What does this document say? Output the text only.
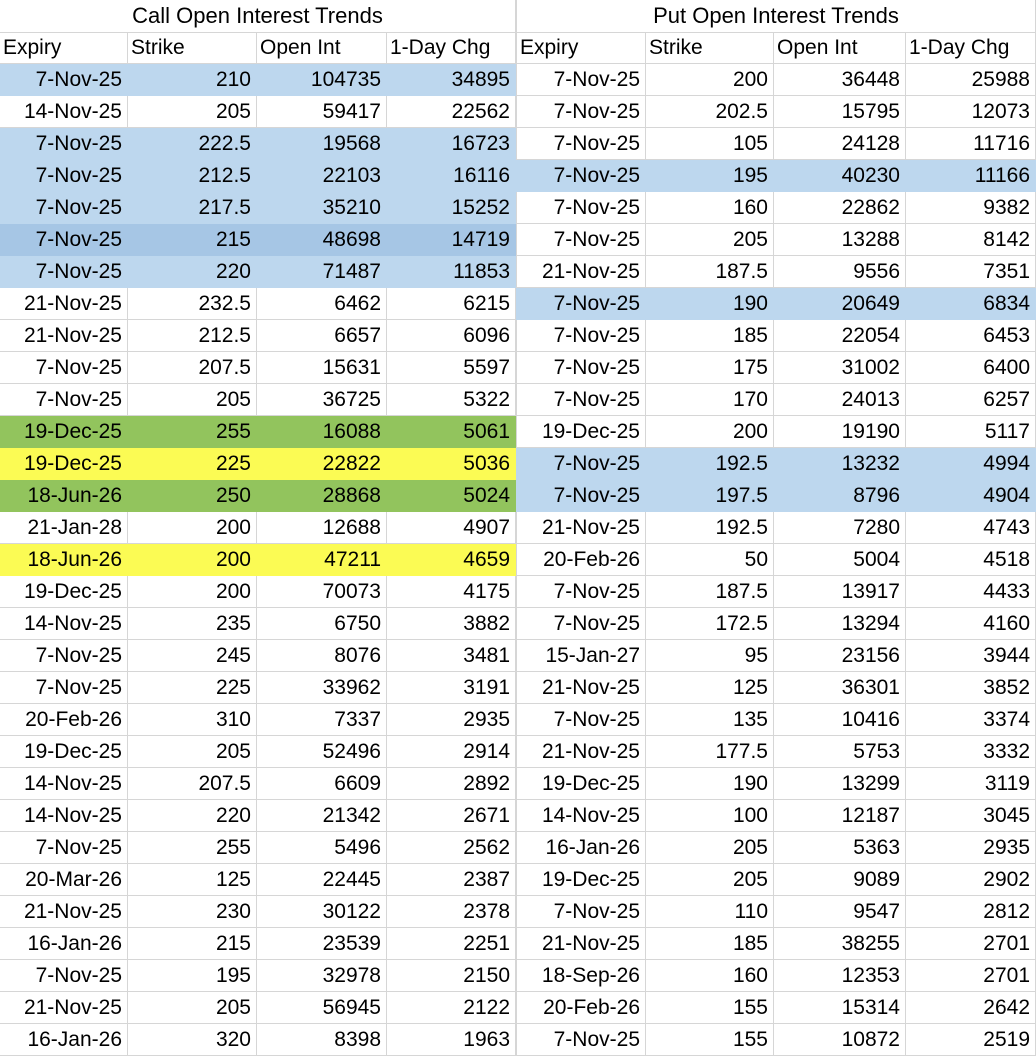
Call Open Interest Trends			
Expiry	Strike	Open Int	1-Day Chg
7-Nov-25	210	104735	34895
14-Nov-25	205	59417	22562
7-Nov-25	222.5	19568	16723
7-Nov-25	212.5	22103	16116
7-Nov-25	217.5	35210	15252
7-Nov-25	215	48698	14719
7-Nov-25	220	71487	11853
21-Nov-25	232.5	6462	6215
21-Nov-25	212.5	6657	6096
7-Nov-25	207.5	15631	5597
7-Nov-25	205	36725	5322
19-Dec-25	255	16088	5061
19-Dec-25	225	22822	5036
18-Jun-26	250	28868	5024
21-Jan-28	200	12688	4907
18-Jun-26	200	47211	4659
19-Dec-25	200	70073	4175
14-Nov-25	235	6750	3882
7-Nov-25	245	8076	3481
7-Nov-25	225	33962	3191
20-Feb-26	310	7337	2935
19-Dec-25	205	52496	2914
14-Nov-25	207.5	6609	2892
14-Nov-25	220	21342	2671
7-Nov-25	255	5496	2562
20-Mar-26	125	22445	2387
21-Nov-25	230	30122	2378
16-Jan-26	215	23539	2251
7-Nov-25	195	32978	2150
21-Nov-25	205	56945	2122
16-Jan-26	320	8398	1963
Put Open Interest Trends			
Expiry	Strike	Open Int	1-Day Chg
7-Nov-25	200	36448	25988
7-Nov-25	202.5	15795	12073
7-Nov-25	105	24128	11716
7-Nov-25	195	40230	11166
7-Nov-25	160	22862	9382
7-Nov-25	205	13288	8142
21-Nov-25	187.5	9556	7351
7-Nov-25	190	20649	6834
7-Nov-25	185	22054	6453
7-Nov-25	175	31002	6400
7-Nov-25	170	24013	6257
19-Dec-25	200	19190	5117
7-Nov-25	192.5	13232	4994
7-Nov-25	197.5	8796	4904
21-Nov-25	192.5	7280	4743
20-Feb-26	50	5004	4518
7-Nov-25	187.5	13917	4433
7-Nov-25	172.5	13294	4160
15-Jan-27	95	23156	3944
21-Nov-25	125	36301	3852
7-Nov-25	135	10416	3374
21-Nov-25	177.5	5753	3332
19-Dec-25	190	13299	3119
14-Nov-25	100	12187	3045
16-Jan-26	205	5363	2935
19-Dec-25	205	9089	2902
7-Nov-25	110	9547	2812
21-Nov-25	185	38255	2701
18-Sep-26	160	12353	2701
20-Feb-26	155	15314	2642
7-Nov-25	155	10872	2519
